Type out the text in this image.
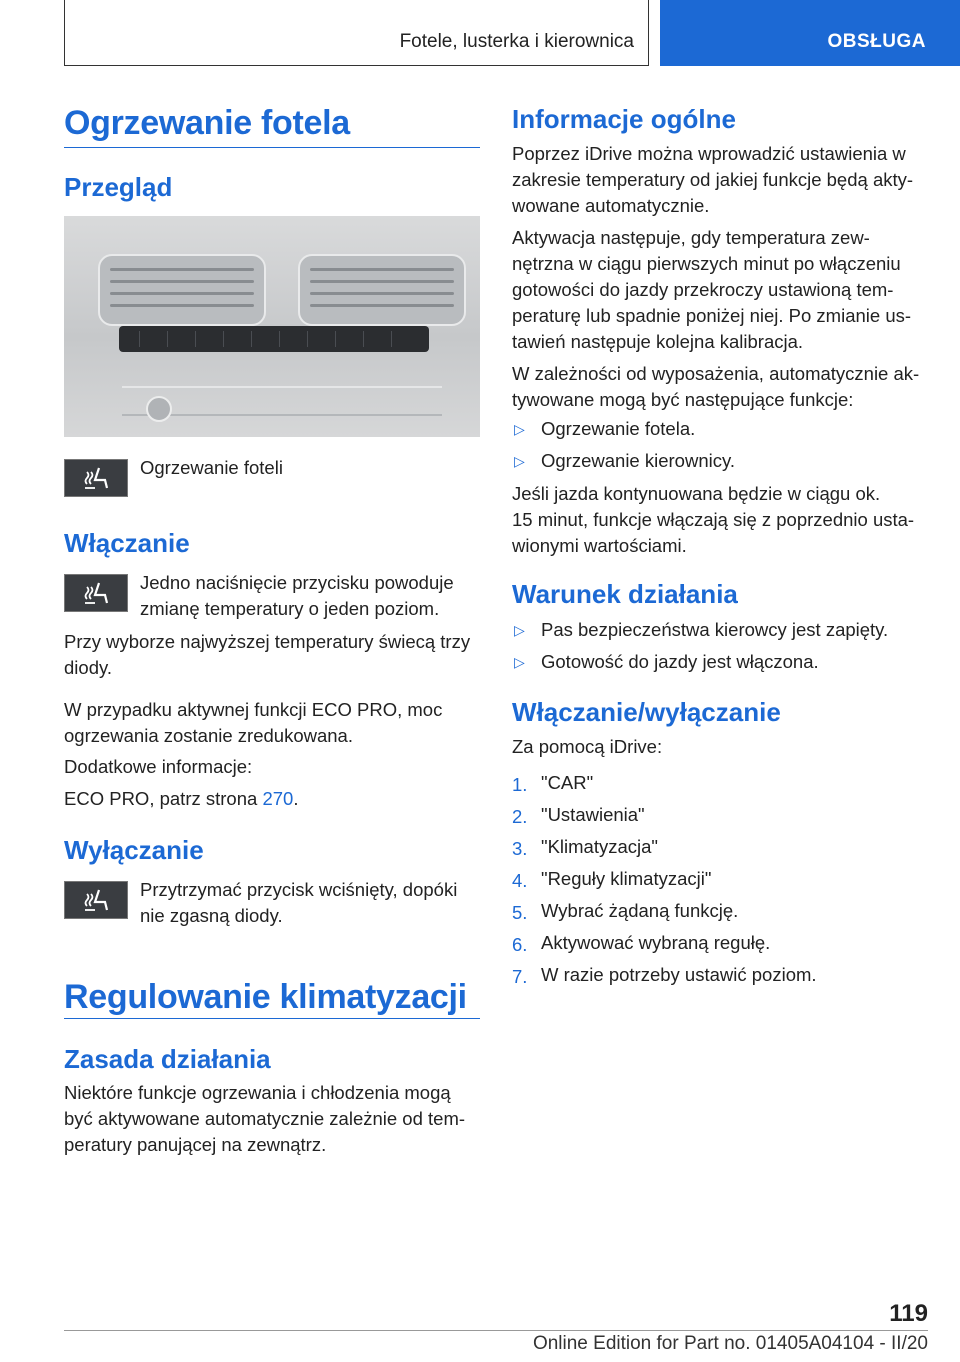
Fotele, lusterka i kierownica	OBSŁUGA
Ogrzewanie fotela
Przegląd

Ogrzewanie foteli

Włączanie

Jedno naciśnięcie przycisku powoduje

zmianę temperatury o jeden poziom.

Przy wyborze najwyższej temperatury świecą trzy

diody.

W przypadku aktywnej funkcji ECO PRO, moc

ogrzewania zostanie zredukowana.

Dodatkowe informacje:

ECO PRO, patrz strona 270.

Wyłączanie

Przytrzymać przycisk wciśnięty, dopóki

nie zgasną diody.

Regulowanie klimatyzacji
Zasada działania

Niektóre funkcje ogrzewania i chłodzenia mogą

być aktywowane automatycznie zależnie od tem‐

peratury panującej na zewnątrz.

Informacje ogólne

Poprzez iDrive można wprowadzić ustawienia w

zakresie temperatury od jakiej funkcje będą akty‐

wowane automatycznie.

Aktywacja następuje, gdy temperatura zew‐

nętrzna w ciągu pierwszych minut po włączeniu

gotowości do jazdy przekroczy ustawioną tem‐

peraturę lub spadnie poniżej niej. Po zmianie us‐

tawień następuje kolejna kalibracja.

W zależności od wyposażenia, automatycznie ak‐

tywowane mogą być następujące funkcje:

▷ Ogrzewanie fotela.

▷ Ogrzewanie kierownicy.

Jeśli jazda kontynuowana będzie w ciągu ok.

15 minut, funkcje włączają się z poprzednio usta‐

wionymi wartościami.

Warunek działania
▷ Pas bezpieczeństwa kierowcy jest zapięty.

▷ Gotowość do jazdy jest włączona.

Włączanie/wyłączanie

Za pomocą iDrive:

1. "CAR"

2. "Ustawienia"

3. "Klimatyzacja"

4. "Reguły klimatyzacji"

5. Wybrać żądaną funkcję.

6. Aktywować wybraną regułę.

7. W razie potrzeby ustawić poziom.

119
Online Edition for Part no. 01405A04104 - II/20
